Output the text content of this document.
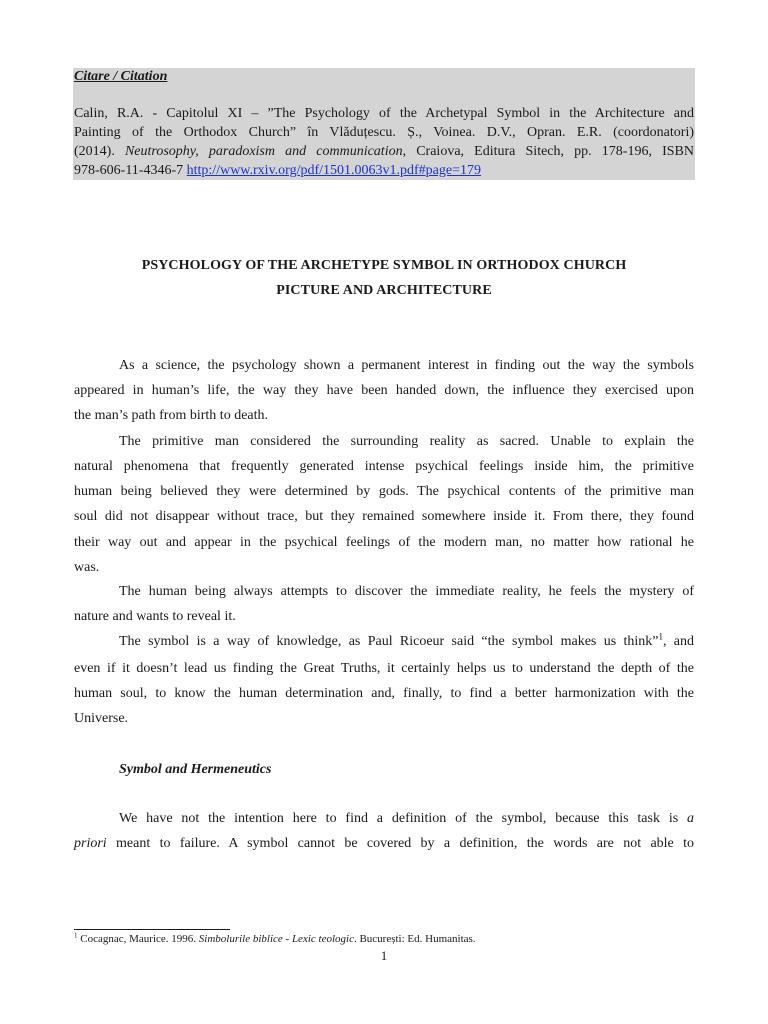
Citare / Citation
Calin, R.A. - Capitolul XI – ”The Psychology of the Archetypal Symbol in the Architecture and
Painting of the Orthodox Church” în Vlăduțescu. Ș., Voinea. D.V., Opran. E.R. (coordonatori)
(2014). Neutrosophy, paradoxism and communication, Craiova, Editura Sitech, pp. 178-196, ISBN
978-606-11-4346-7 http://www.rxiv.org/pdf/1501.0063v1.pdf#page=179
PSYCHOLOGY OF THE ARCHETYPE SYMBOL IN ORTHODOX CHURCH
PICTURE AND ARCHITECTURE
As a science, the psychology shown a permanent interest in finding out the way the symbols
appeared in human’s life, the way they have been handed down, the influence they exercised upon
the man’s path from birth to death.
The primitive man considered the surrounding reality as sacred. Unable to explain the
natural phenomena that frequently generated intense psychical feelings inside him, the primitive
human being believed they were determined by gods. The psychical contents of the primitive man
soul did not disappear without trace, but they remained somewhere inside it. From there, they found
their way out and appear in the psychical feelings of the modern man, no matter how rational he
was.
The human being always attempts to discover the immediate reality, he feels the mystery of
nature and wants to reveal it.
The symbol is a way of knowledge, as Paul Ricoeur said “the symbol makes us think”$^1$, and
even if it doesn’t lead us finding the Great Truths, it certainly helps us to understand the depth of the
human soul, to know the human determination and, finally, to find a better harmonization with the
Universe.
Symbol and Hermeneutics
We have not the intention here to find a definition of the symbol, because this task is a
priori meant to failure. A symbol cannot be covered by a definition, the words are not able to
$^1$ Cocagnac, Maurice. 1996. Simbolurile biblice - Lexic teologic. București: Ed. Humanitas.
1
